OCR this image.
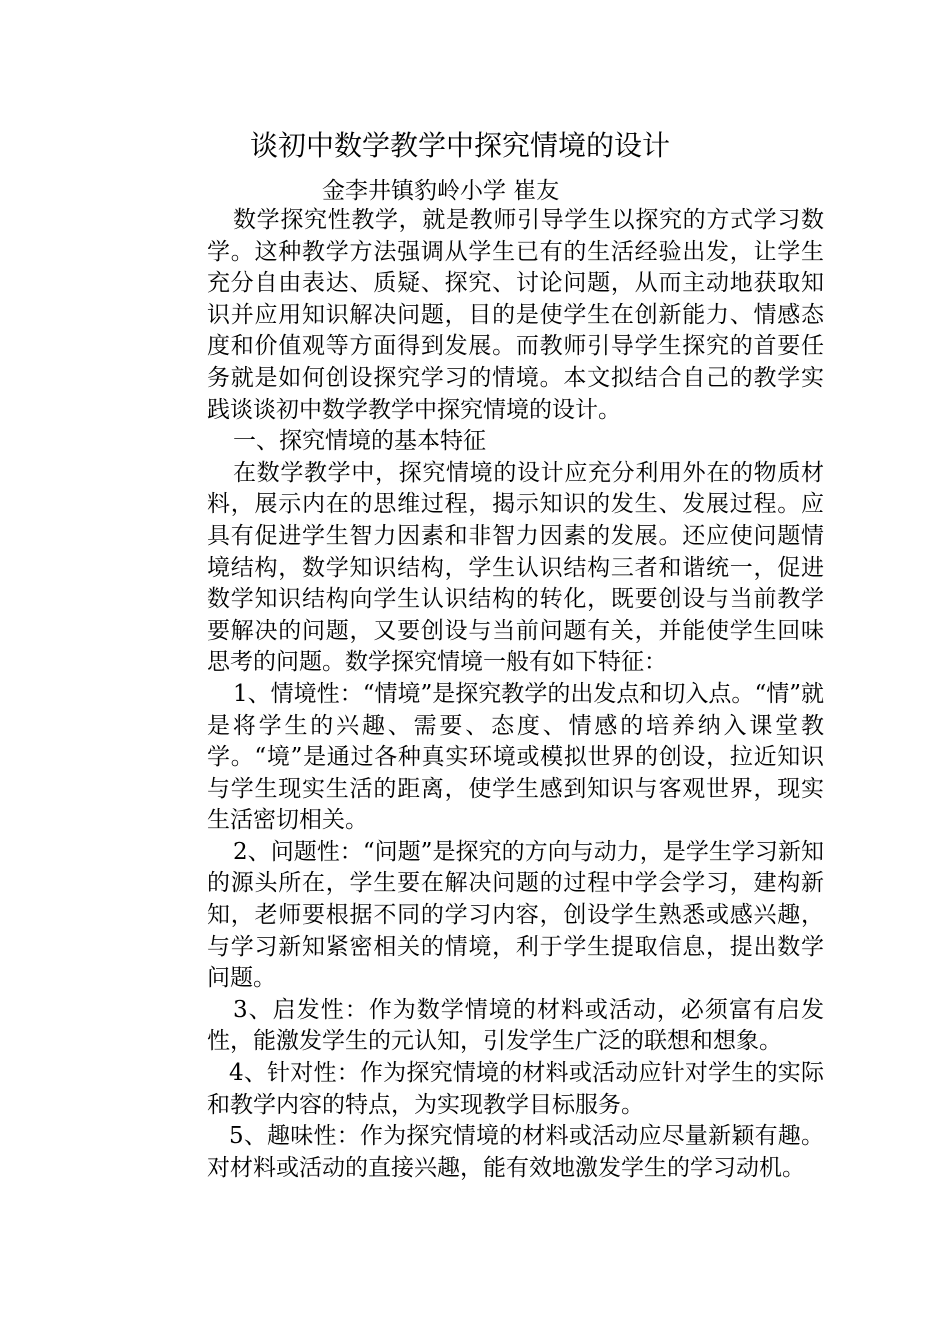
谈初中数学教学中探究情境的设计
金李井镇豹岭小学 崔友

数学探究性教学，就是教师引导学生以探究的方式学习数学。这种教学方法强调从学生已有的生活经验出发，让学生充分自由表达、质疑、探究、讨论问题，从而主动地获取知识并应用知识解决问题，目的是使学生在创新能力、情感态度和价值观等方面得到发展。而教师引导学生探究的首要任务就是如何创设探究学习的情境。本文拟结合自己的教学实践谈谈初中数学教学中探究情境的设计。

一、探究情境的基本特征

在数学教学中，探究情境的设计应充分利用外在的物质材料，展示内在的思维过程，揭示知识的发生、发展过程。应具有促进学生智力因素和非智力因素的发展。还应使问题情境结构，数学知识结构，学生认识结构三者和谐统一，促进数学知识结构向学生认识结构的转化，既要创设与当前教学要解决的问题，又要创设与当前问题有关，并能使学生回味思考的问题。数学探究情境一般有如下特征：

1、情境性：“情境”是探究教学的出发点和切入点。“情”就是将学生的兴趣、需要、态度、情感的培养纳入课堂教学。“境”是通过各种真实环境或模拟世界的创设，拉近知识与学生现实生活的距离，使学生感到知识与客观世界，现实生活密切相关。

2、问题性：“问题”是探究的方向与动力，是学生学习新知的源头所在，学生要在解决问题的过程中学会学习，建构新知，老师要根据不同的学习内容，创设学生熟悉或感兴趣，与学习新知紧密相关的情境，利于学生提取信息，提出数学问题。

3、启发性：作为数学情境的材料或活动，必须富有启发性，能激发学生的元认知，引发学生广泛的联想和想象。

4、针对性：作为探究情境的材料或活动应针对学生的实际和教学内容的特点，为实现教学目标服务。

5、趣味性：作为探究情境的材料或活动应尽量新颖有趣。对材料或活动的直接兴趣，能有效地激发学生的学习动机。
